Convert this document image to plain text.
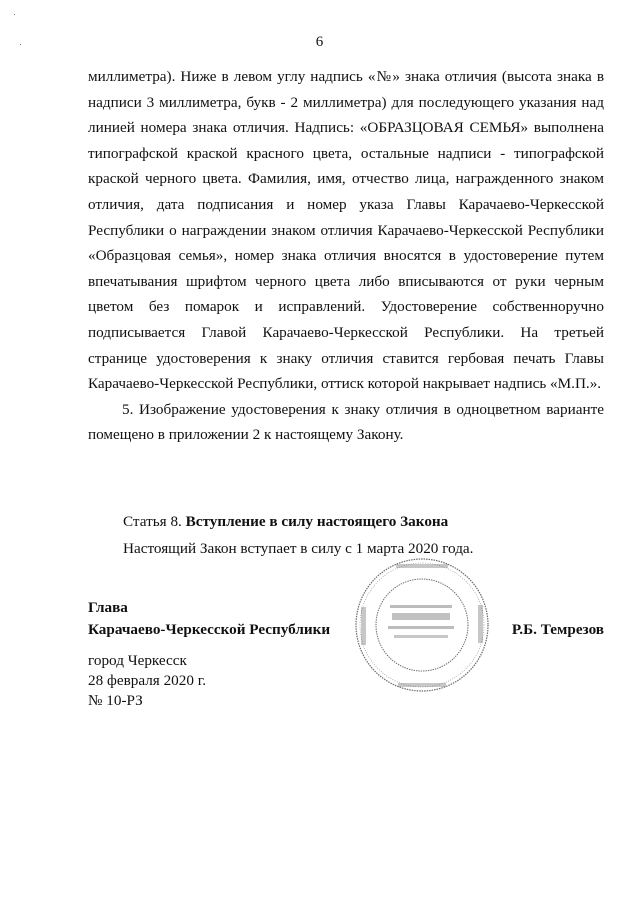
6

миллиметра). Ниже в левом углу надпись «№» знака отличия (высота знака в надписи 3 миллиметра, букв - 2 миллиметра) для последующего указания над линией номера знака отличия. Надпись: «ОБРАЗЦОВАЯ СЕМЬЯ» выполнена типографской краской красного цвета, остальные надписи - типографской краской черного цвета. Фамилия, имя, отчество лица, награжденного знаком отличия, дата подписания и номер указа Главы Карачаево-Черкесской Республики о награждении знаком отличия Карачаево-Черкесской Республики «Образцовая семья», номер знака отличия вносятся в удостоверение путем впечатывания шрифтом черного цвета либо вписываются от руки черным цветом без помарок и исправлений. Удостоверение собственноручно подписывается Главой Карачаево-Черкесской Республики. На третьей странице удостоверения к знаку отличия ставится гербовая печать Главы Карачаево-Черкесской Республики, оттиск которой накрывает надпись «М.П.».

5. Изображение удостоверения к знаку отличия в одноцветном варианте помещено в приложении 2 к настоящему Закону.

Статья 8. Вступление в силу настоящего Закона
Настоящий Закон вступает в силу с 1 марта 2020 года.
Глава
Карачаево-Черкесской Республики	Р.Б. Темрезов
город Черкесск
28 февраля 2020 г.
№ 10-РЗ
